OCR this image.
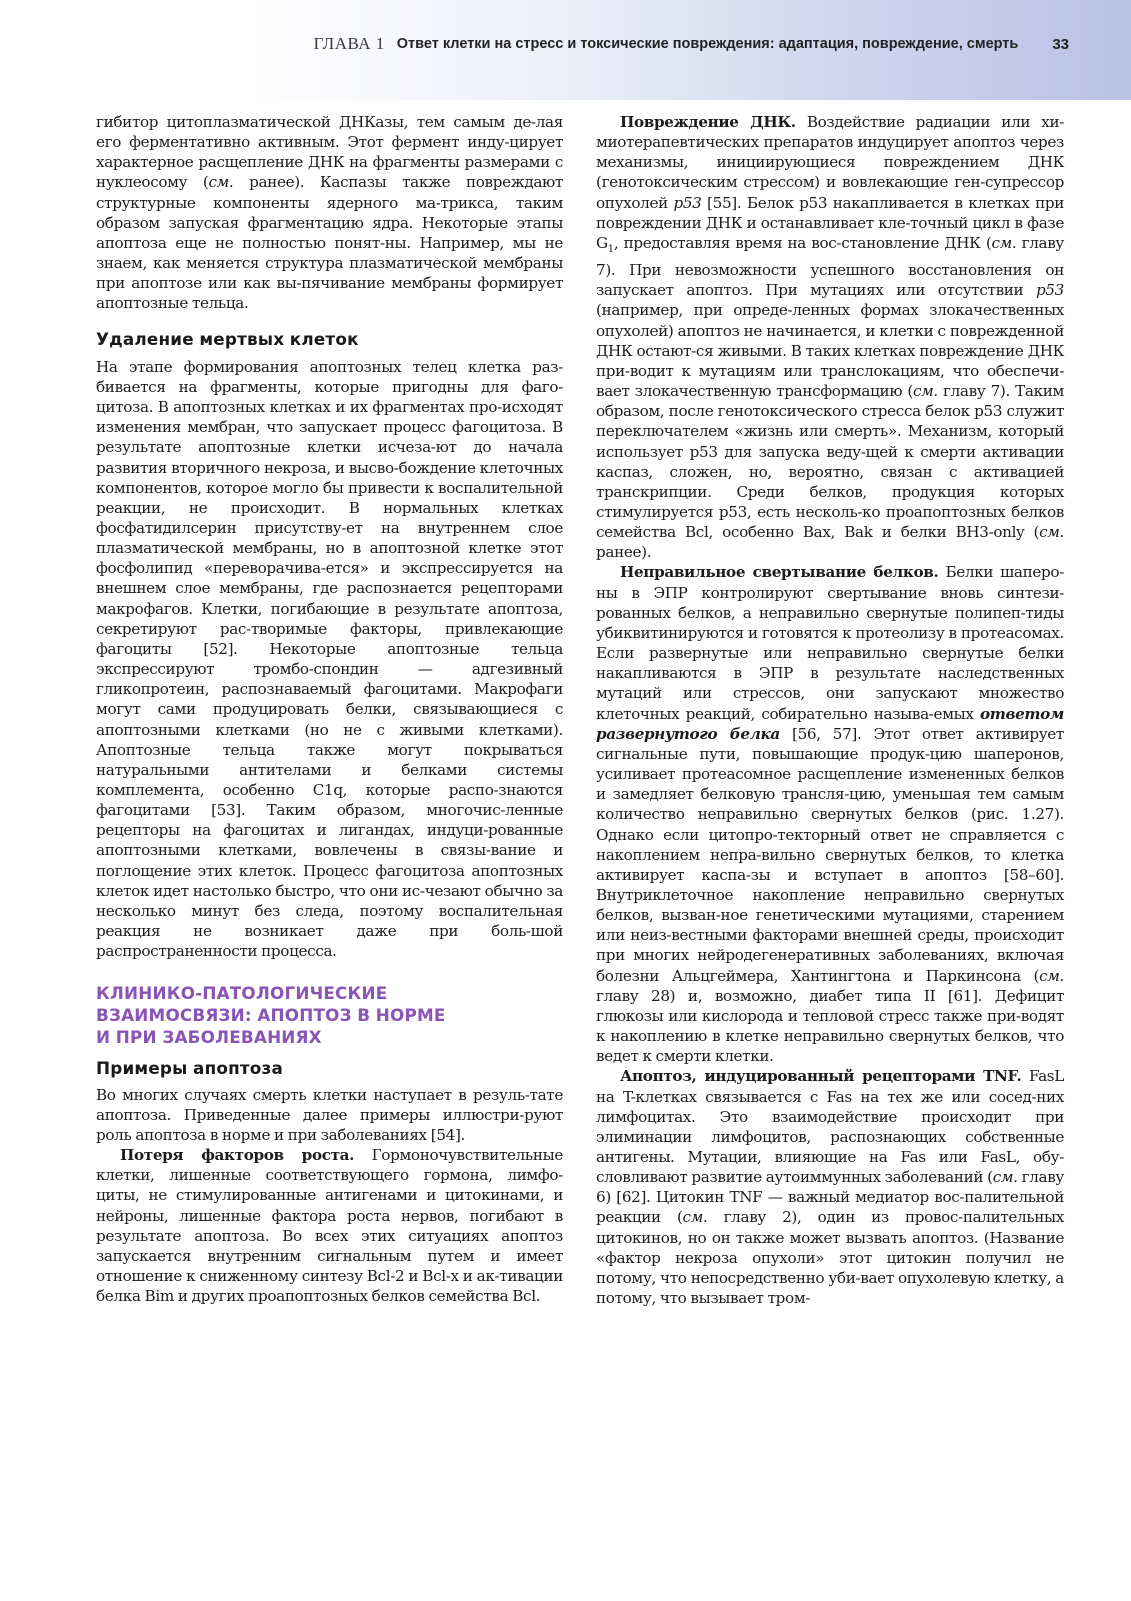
ГЛАВА 1 Ответ клетки на стресс и токсические повреждения: адаптация, повреждение, смерть 33

гибитор цитоплазматической ДНКазы, тем самым де-лая его ферментативно активным. Этот фермент инду-цирует характерное расщепление ДНК на фрагменты размерами с нуклеосому (см. ранее). Каспазы также повреждают структурные компоненты ядерного ма-трикса, таким образом запуская фрагментацию ядра. Некоторые этапы апоптоза еще не полностью понят-ны. Например, мы не знаем, как меняется структура плазматической мембраны при апоптозе или как вы-пячивание мембраны формирует апоптозные тельца.

Удаление мертвых клеток

На этапе формирования апоптозных телец клетка раз-бивается на фрагменты, которые пригодны для фаго-цитоза. В апоптозных клетках и их фрагментах про-исходят изменения мембран, что запускает процесс фагоцитоза. В результате апоптозные клетки исчеза-ют до начала развития вторичного некроза, и высво-бождение клеточных компонентов, которое могло бы привести к воспалительной реакции, не происходит. В нормальных клетках фосфатидилсерин присутству-ет на внутреннем слое плазматической мембраны, но в апоптозной клетке этот фосфолипид «переворачива-ется» и экспрессируется на внешнем слое мембраны, где распознается рецепторами макрофагов. Клетки, погибающие в результате апоптоза, секретируют рас-творимые факторы, привлекающие фагоциты [52]. Некоторые апоптозные тельца экспрессируют тромбо-спондин — адгезивный гликопротеин, распознаваемый фагоцитами. Макрофаги могут сами продуцировать белки, связывающиеся с апоптозными клетками (но не с живыми клетками). Апоптозные тельца также могут покрываться натуральными антителами и белками системы комплемента, особенно C1q, которые распо-знаются фагоцитами [53]. Таким образом, многочис-ленные рецепторы на фагоцитах и лигандах, индуци-рованные апоптозными клетками, вовлечены в связы-вание и поглощение этих клеток. Процесс фагоцитоза апоптозных клеток идет настолько быстро, что они ис-чезают обычно за несколько минут без следа, поэтому воспалительная реакция не возникает даже при боль-шой распространенности процесса.

КЛИНИКО-ПАТОЛОГИЧЕСКИЕ
ВЗАИМОСВЯЗИ: АПОПТОЗ В НОРМЕ
И ПРИ ЗАБОЛЕВАНИЯХ
Примеры апоптоза

Во многих случаях смерть клетки наступает в резуль-тате апоптоза. Приведенные далее примеры иллюстри-руют роль апоптоза в норме и при заболеваниях [54].

Потеря факторов роста. Гормоночувствительные клетки, лишенные соответствующего гормона, лимфо-циты, не стимулированные антигенами и цитокинами, и нейроны, лишенные фактора роста нервов, погибают в результате апоптоза. Во всех этих ситуациях апоптоз запускается внутренним сигнальным путем и имеет отношение к сниженному синтезу Bcl-2 и Bcl-x и ак-тивации белка Bim и других проапоптозных белков семейства Bcl.

Повреждение ДНК. Воздействие радиации или хи-миотерапевтических препаратов индуцирует апоптоз через механизмы, инициирующиеся повреждением ДНК (генотоксическим стрессом) и вовлекающие ген-супрессор опухолей p53 [55]. Белок p53 накапливается в клетках при повреждении ДНК и останавливает кле-точный цикл в фазе $G_1$, предоставляя время на вос-становление ДНК (см. главу 7). При невозможности успешного восстановления он запускает апоптоз. При мутациях или отсутствии p53 (например, при опреде-ленных формах злокачественных опухолей) апоптоз не начинается, и клетки с поврежденной ДНК остают-ся живыми. В таких клетках повреждение ДНК при-водит к мутациям или транслокациям, что обеспечи-вает злокачественную трансформацию (см. главу 7). Таким образом, после генотоксического стресса белок p53 служит переключателем «жизнь или смерть». Механизм, который использует p53 для запуска веду-щей к смерти активации каспаз, сложен, но, вероятно, связан с активацией транскрипции. Среди белков, продукция которых стимулируется p53, есть несколь-ко проапоптозных белков семейства Bcl, особенно Bax, Bak и белки BH3-only (см. ранее).

Неправильное свертывание белков. Белки шаперо-ны в ЭПР контролируют свертывание вновь синтези-рованных белков, а неправильно свернутые полипеп-тиды убиквитинируются и готовятся к протеолизу в протеасомах. Если развернутые или неправильно свернутые белки накапливаются в ЭПР в результате наследственных мутаций или стрессов, они запускают множество клеточных реакций, собирательно называ-емых ответом развернутого белка [56, 57]. Этот ответ активирует сигнальные пути, повышающие продук-цию шаперонов, усиливает протеасомное расщепление измененных белков и замедляет белковую трансля-цию, уменьшая тем самым количество неправильно свернутых белков (рис. 1.27). Однако если цитопро-текторный ответ не справляется с накоплением непра-вильно свернутых белков, то клетка активирует каспа-зы и вступает в апоптоз [58–60]. Внутриклеточное накопление неправильно свернутых белков, вызван-ное генетическими мутациями, старением или неиз-вестными факторами внешней среды, происходит при многих нейродегенеративных заболеваниях, включая болезни Альцгеймера, Хантингтона и Паркинсона (см. главу 28) и, возможно, диабет типа II [61]. Дефицит глюкозы или кислорода и тепловой стресс также при-водят к накоплению в клетке неправильно свернутых белков, что ведет к смерти клетки.

Апоптоз, индуцированный рецепторами TNF. FasL на T-клетках связывается с Fas на тех же или сосед-них лимфоцитах. Это взаимодействие происходит при элиминации лимфоцитов, распознающих собственные антигены. Мутации, влияющие на Fas или FasL, обу-словливают развитие аутоиммунных заболеваний (см. главу 6) [62]. Цитокин TNF — важный медиатор вос-палительной реакции (см. главу 2), один из провос-палительных цитокинов, но он также может вызвать апоптоз. (Название «фактор некроза опухоли» этот цитокин получил не потому, что непосредственно уби-вает опухолевую клетку, а потому, что вызывает тром-
